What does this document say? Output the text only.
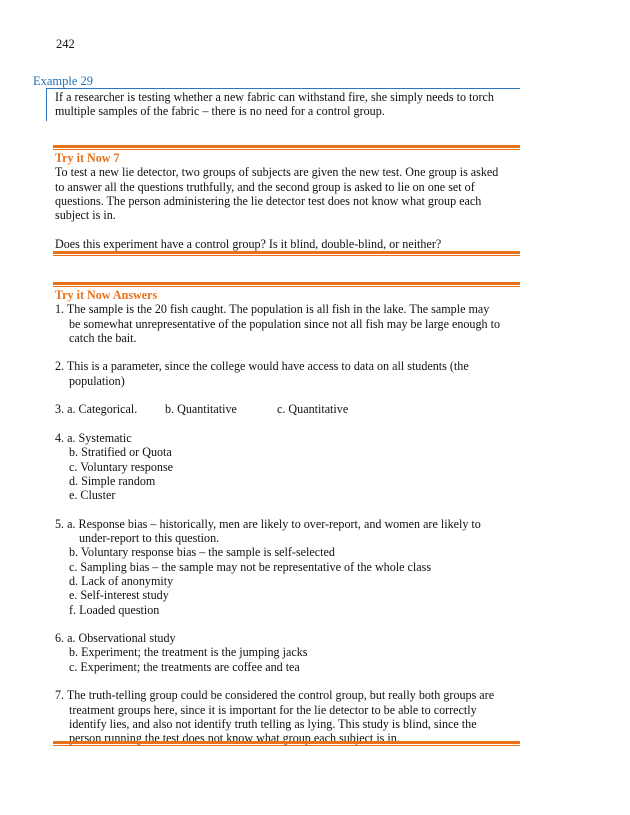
242
Example 29

If a researcher is testing whether a new fabric can withstand fire, she simply needs to torch

multiple samples of the fabric – there is no need for a control group.

Try it Now 7

To test a new lie detector, two groups of subjects are given the new test. One group is asked

to answer all the questions truthfully, and the second group is asked to lie on one set of

questions. The person administering the lie detector test does not know what group each

subject is in.

Does this experiment have a control group? Is it blind, double-blind, or neither?

Try it Now Answers

1. The sample is the 20 fish caught. The population is all fish in the lake. The sample may

be somewhat unrepresentative of the population since not all fish may be large enough to

catch the bait.

2. This is a parameter, since the college would have access to data on all students (the

population)

3. a. Categorical. b. Quantitative	c. Quantitative

4. a. Systematic

b. Stratified or Quota

c. Voluntary response

d. Simple random

e. Cluster

5. a. Response bias – historically, men are likely to over-report, and women are likely to

under-report to this question.

b. Voluntary response bias – the sample is self-selected

c. Sampling bias – the sample may not be representative of the whole class

d. Lack of anonymity

e. Self-interest study

f. Loaded question

6. a. Observational study

b. Experiment; the treatment is the jumping jacks

c. Experiment; the treatments are coffee and tea

7. The truth-telling group could be considered the control group, but really both groups are

treatment groups here, since it is important for the lie detector to be able to correctly

identify lies, and also not identify truth telling as lying. This study is blind, since the

person running the test does not know what group each subject is in.
